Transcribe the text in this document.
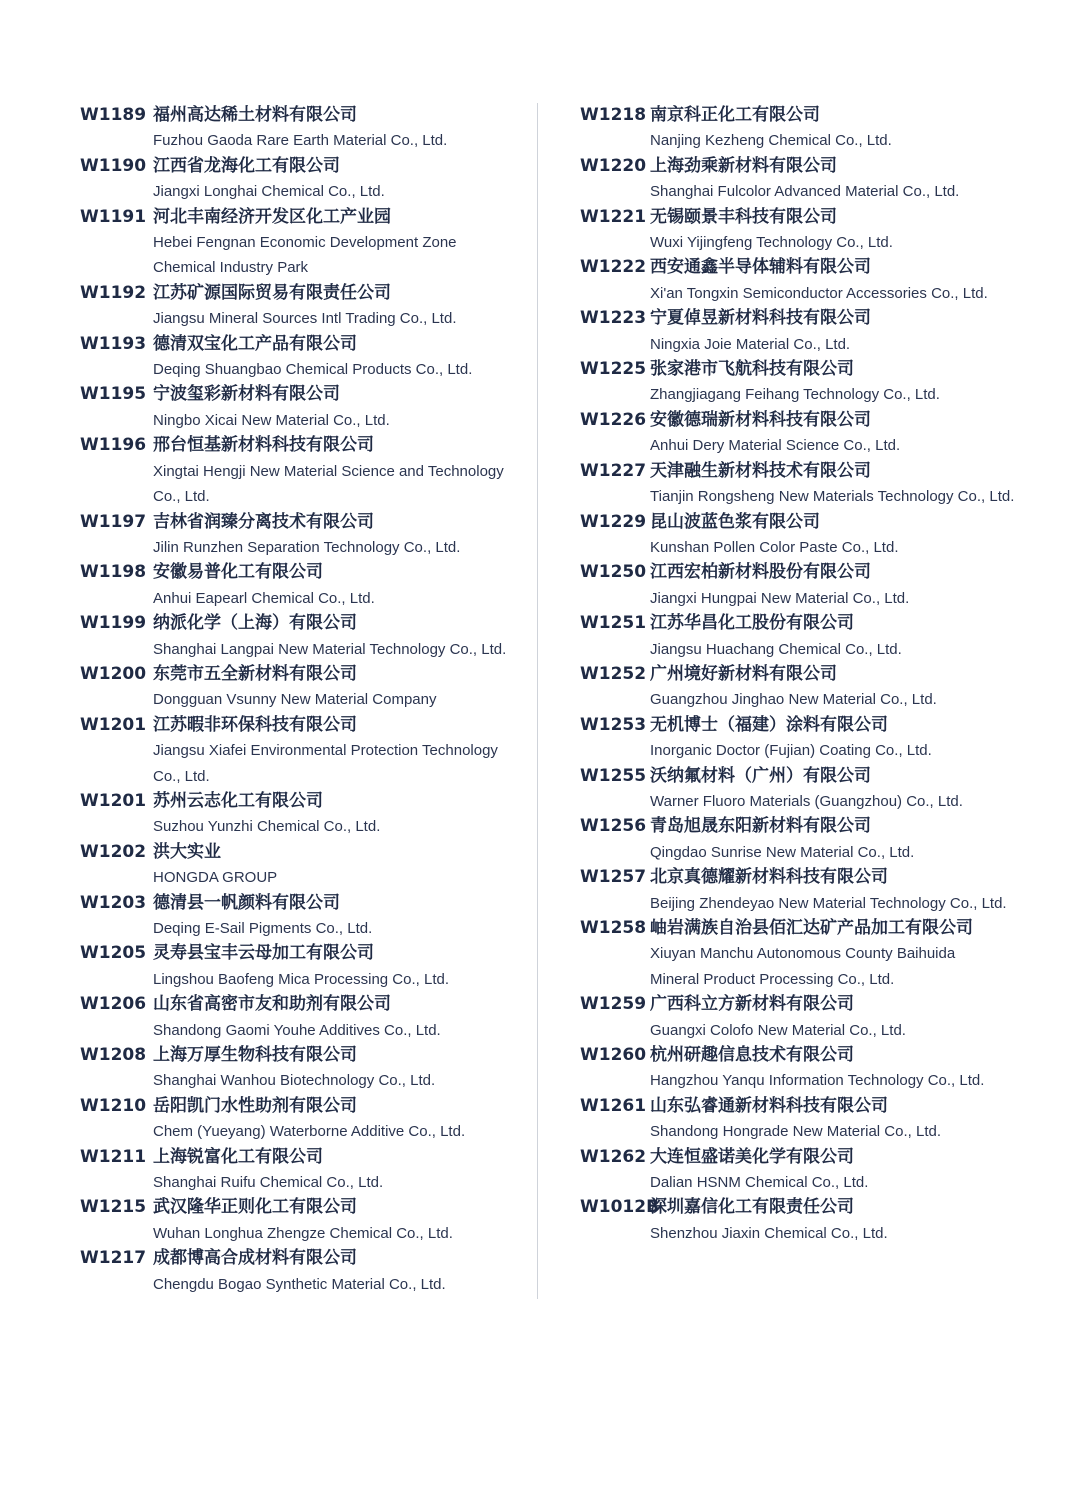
W1189 福州高达稀土材料有限公司
Fuzhou Gaoda Rare Earth Material Co., Ltd.
W1190 江西省龙海化工有限公司
Jiangxi Longhai Chemical Co., Ltd.
W1191 河北丰南经济开发区化工产业园
Hebei Fengnan Economic Development Zone
Chemical Industry Park
W1192 江苏矿源国际贸易有限责任公司
Jiangsu Mineral Sources Intl Trading Co., Ltd.
W1193 德清双宝化工产品有限公司
Deqing Shuangbao Chemical Products Co., Ltd.
W1195 宁波玺彩新材料有限公司
Ningbo Xicai New Material Co., Ltd.
W1196 邢台恒基新材料科技有限公司
Xingtai Hengji New Material Science and Technology
Co., Ltd.
W1197 吉林省润臻分离技术有限公司
Jilin Runzhen Separation Technology Co., Ltd.
W1198 安徽易普化工有限公司
Anhui Eapearl Chemical Co., Ltd.
W1199 纳派化学（上海）有限公司
Shanghai Langpai New Material Technology Co., Ltd.
W1200 东莞市五全新材料有限公司
Dongguan Vsunny New Material Company
W1201 江苏暇非环保科技有限公司
Jiangsu Xiafei Environmental Protection Technology
Co., Ltd.
W1201 苏州云志化工有限公司
Suzhou Yunzhi Chemical Co., Ltd.
W1202 洪大实业
HONGDA GROUP
W1203 德清县一帆颜料有限公司
Deqing E-Sail Pigments Co., Ltd.
W1205 灵寿县宝丰云母加工有限公司
Lingshou Baofeng Mica Processing Co., Ltd.
W1206 山东省高密市友和助剂有限公司
Shandong Gaomi Youhe Additives Co., Ltd.
W1208 上海万厚生物科技有限公司
Shanghai Wanhou Biotechnology Co., Ltd.
W1210 岳阳凯门水性助剂有限公司
Chem (Yueyang) Waterborne Additive Co., Ltd.
W1211 上海锐富化工有限公司
Shanghai Ruifu Chemical Co., Ltd.
W1215 武汉隆华正则化工有限公司
Wuhan Longhua Zhengze Chemical Co., Ltd.
W1217 成都博高合成材料有限公司
Chengdu Bogao Synthetic Material Co., Ltd.
W1218 南京科正化工有限公司
Nanjing Kezheng Chemical Co., Ltd.
W1220 上海劲乘新材料有限公司
Shanghai Fulcolor Advanced Material Co., Ltd.
W1221 无锡颐景丰科技有限公司
Wuxi Yijingfeng Technology Co., Ltd.
W1222 西安通鑫半导体辅料有限公司
Xi'an Tongxin Semiconductor Accessories Co., Ltd.
W1223 宁夏倬昱新材料科技有限公司
Ningxia Joie Material Co., Ltd.
W1225 张家港市飞航科技有限公司
Zhangjiagang Feihang Technology Co., Ltd.
W1226 安徽德瑞新材料科技有限公司
Anhui Dery Material Science Co., Ltd.
W1227 天津融生新材料技术有限公司
Tianjin Rongsheng New Materials Technology Co., Ltd.
W1229 昆山波蓝色浆有限公司
Kunshan Pollen Color Paste Co., Ltd.
W1250 江西宏柏新材料股份有限公司
Jiangxi Hungpai New Material Co., Ltd.
W1251 江苏华昌化工股份有限公司
Jiangsu Huachang Chemical Co., Ltd.
W1252 广州境好新材料有限公司
Guangzhou Jinghao New Material Co., Ltd.
W1253 无机博士（福建）涂料有限公司
Inorganic Doctor (Fujian) Coating Co., Ltd.
W1255 沃纳氟材料（广州）有限公司
Warner Fluoro Materials (Guangzhou) Co., Ltd.
W1256 青岛旭晟东阳新材料有限公司
Qingdao Sunrise New Material Co., Ltd.
W1257 北京真德耀新材料科技有限公司
Beijing Zhendeyao New Material Technology Co., Ltd.
W1258 岫岩满族自治县佰汇达矿产品加工有限公司
Xiuyan Manchu Autonomous County Baihuida
Mineral Product Processing Co., Ltd.
W1259 广西科立方新材料有限公司
Guangxi Colofo New Material Co., Ltd.
W1260 杭州研趣信息技术有限公司
Hangzhou Yanqu Information Technology Co., Ltd.
W1261 山东弘睿通新材料科技有限公司
Shandong Hongrade New Material Co., Ltd.
W1262 大连恒盛诺美化学有限公司
Dalian HSNM Chemical Co., Ltd.
W1012B
深圳嘉信化工有限责任公司
Shenzhou Jiaxin Chemical Co., Ltd.
